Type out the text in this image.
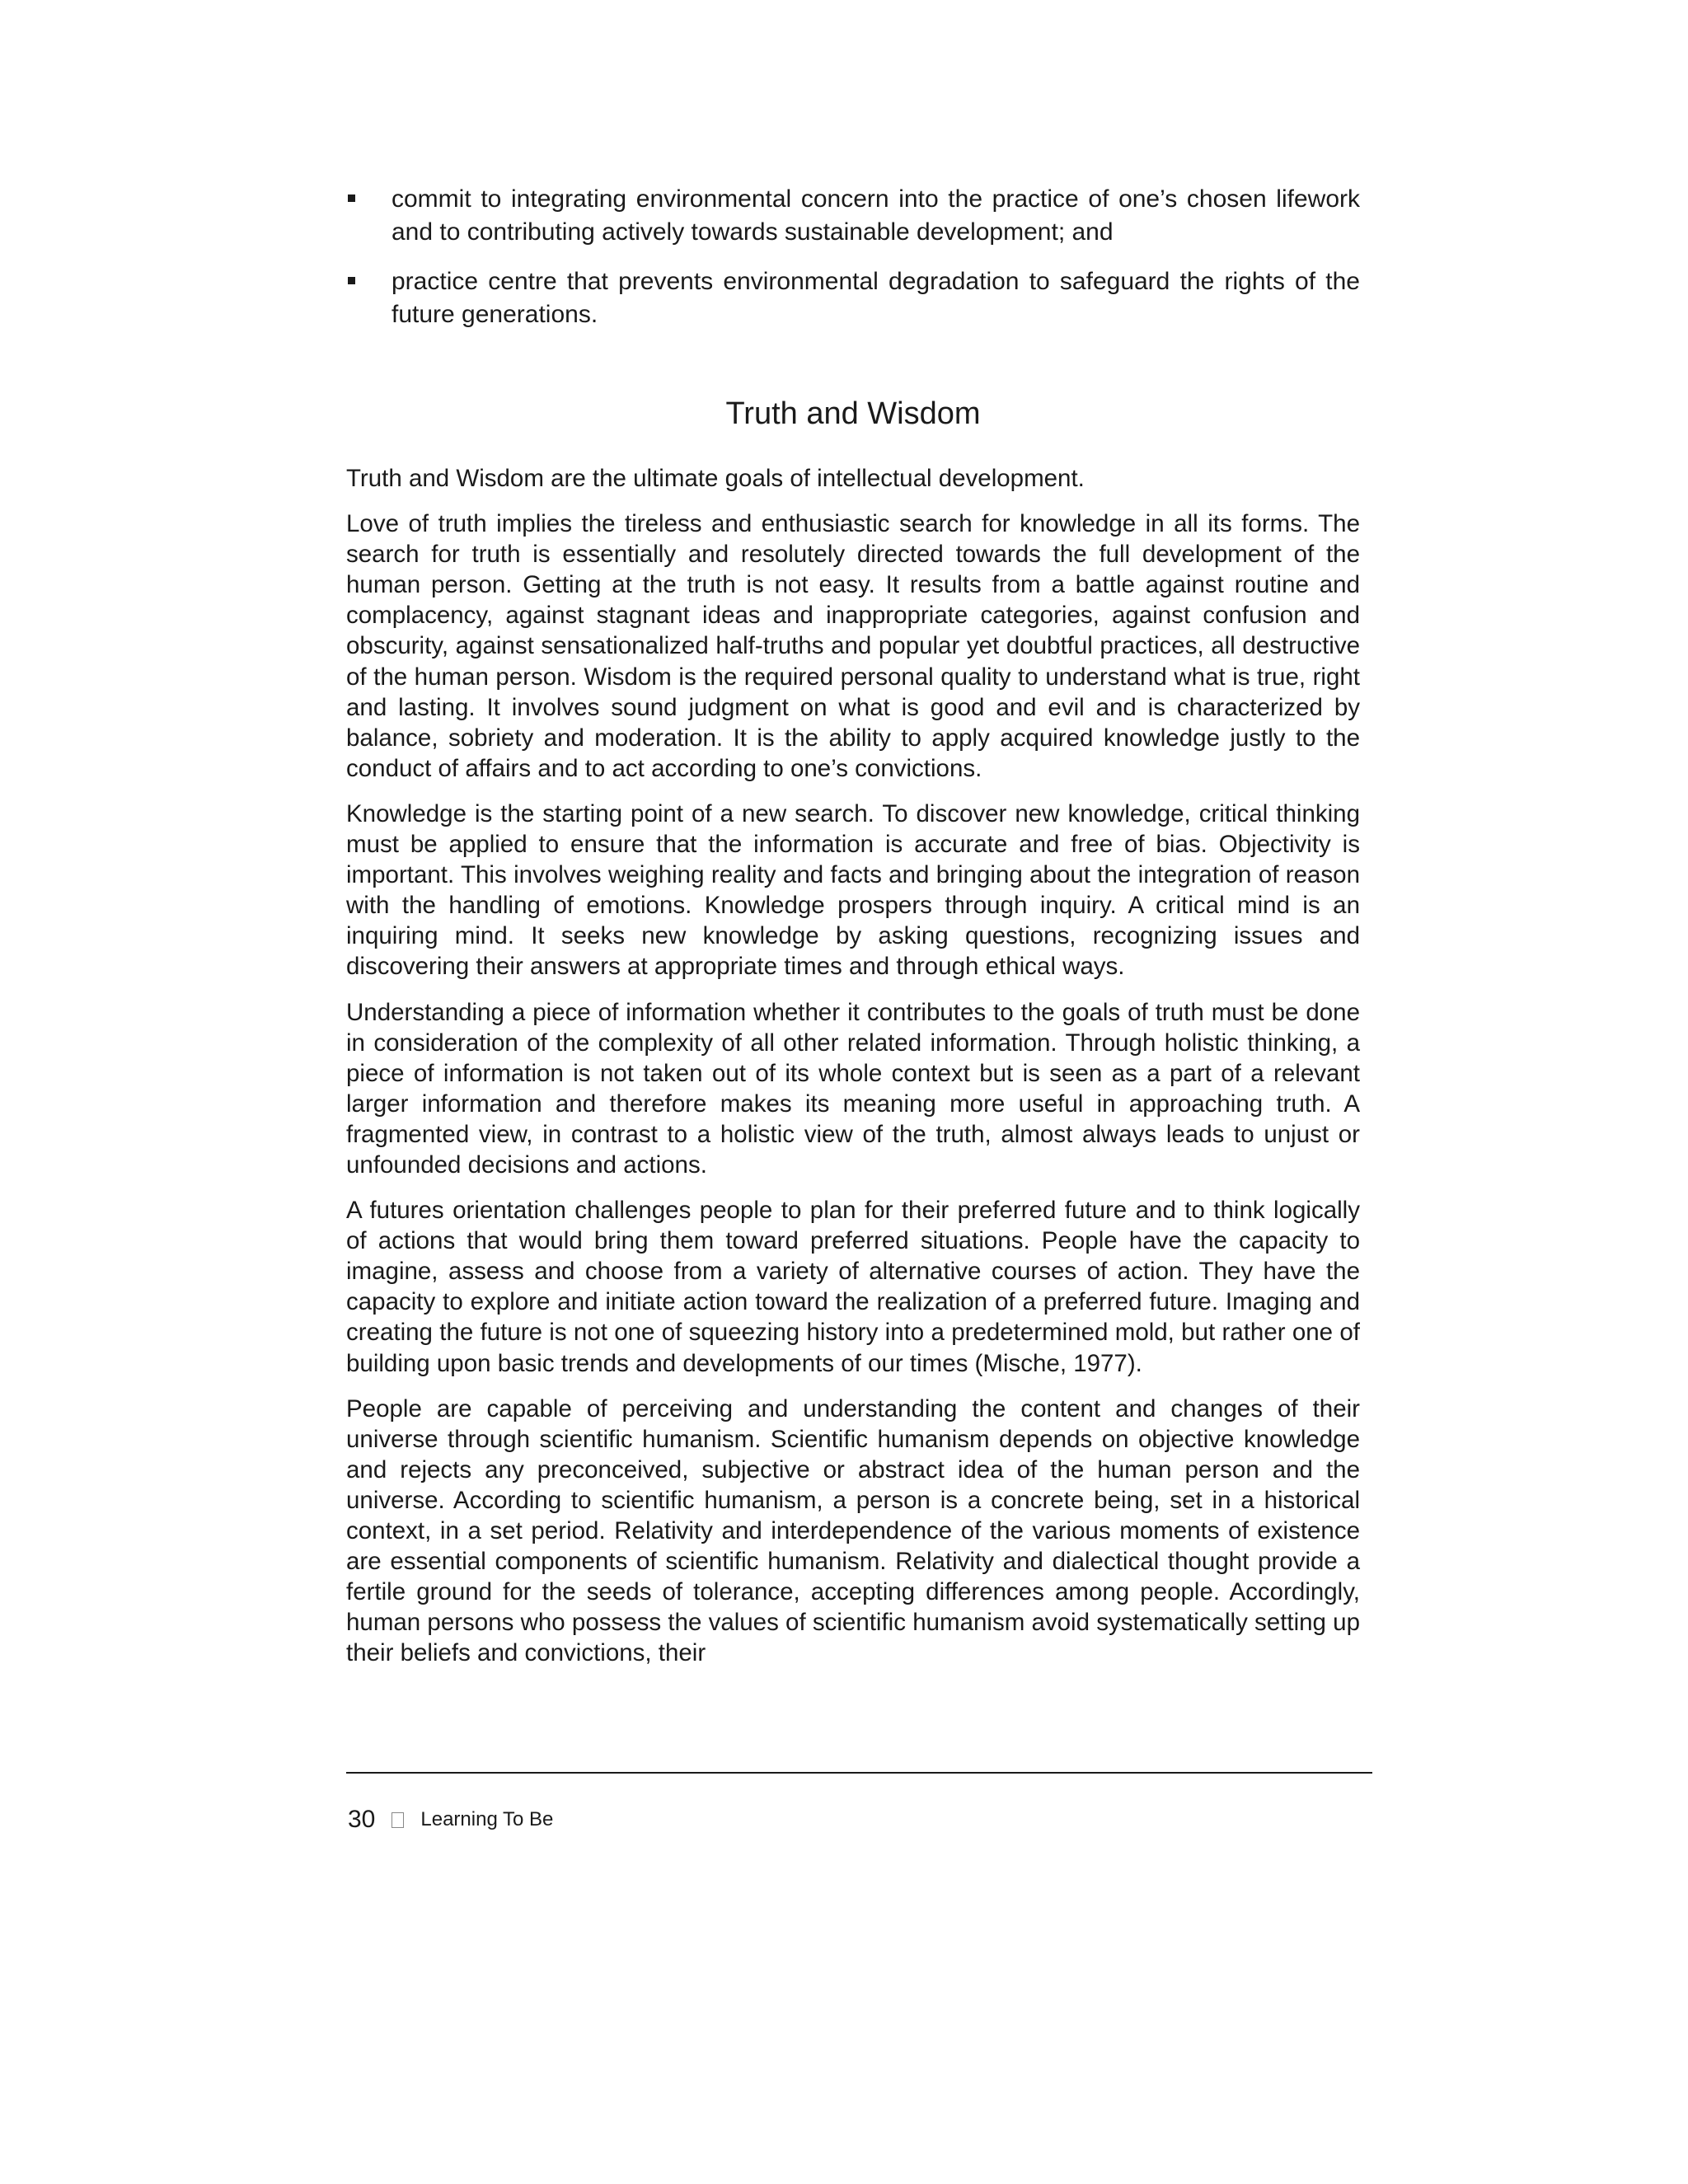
commit to integrating environmental concern into the practice of one’s chosen lifework and to contributing actively towards sustainable development; and
practice centre that prevents environmental degradation to safeguard the rights of the future generations.
Truth and Wisdom

Truth and Wisdom are the ultimate goals of intellectual development.

Love of truth implies the tireless and enthusiastic search for knowledge in all its forms. The search for truth is essentially and resolutely directed towards the full development of the human person. Getting at the truth is not easy. It results from a battle against routine and complacency, against stagnant ideas and inappropriate categories, against confusion and obscurity, against sensationalized half-truths and popular yet doubtful practices, all destructive of the human person. Wisdom is the required personal quality to understand what is true, right and lasting. It involves sound judgment on what is good and evil and is characterized by balance, sobriety and moderation. It is the ability to apply acquired knowledge justly to the conduct of affairs and to act according to one’s convictions.

Knowledge is the starting point of a new search. To discover new knowledge, critical thinking must be applied to ensure that the information is accurate and free of bias. Objectivity is important. This involves weighing reality and facts and bringing about the integration of reason with the handling of emotions. Knowledge prospers through inquiry. A critical mind is an inquiring mind. It seeks new knowledge by asking questions, recognizing issues and discovering their answers at appropriate times and through ethical ways.

Understanding a piece of information whether it contributes to the goals of truth must be done in consideration of the complexity of all other related information. Through holistic thinking, a piece of information is not taken out of its whole context but is seen as a part of a relevant larger information and therefore makes its meaning more useful in approaching truth. A fragmented view, in contrast to a holistic view of the truth, almost always leads to unjust or unfounded decisions and actions.

A futures orientation challenges people to plan for their preferred future and to think logically of actions that would bring them toward preferred situations. People have the capacity to imagine, assess and choose from a variety of alternative courses of action. They have the capacity to explore and initiate action toward the realization of a preferred future. Imaging and creating the future is not one of squeezing history into a predetermined mold, but rather one of building upon basic trends and developments of our times (Mische, 1977).

People are capable of perceiving and understanding the content and changes of their universe through scientific humanism. Scientific humanism depends on objective knowledge and rejects any preconceived, subjective or abstract idea of the human person and the universe. According to scientific humanism, a person is a concrete being, set in a historical context, in a set period. Relativity and interdependence of the various moments of existence are essential components of scientific humanism. Relativity and dialectical thought provide a fertile ground for the seeds of tolerance, accepting differences among people. Accordingly, human persons who possess the values of scientific humanism avoid systematically setting up their beliefs and convictions, their

30 Learning To Be
